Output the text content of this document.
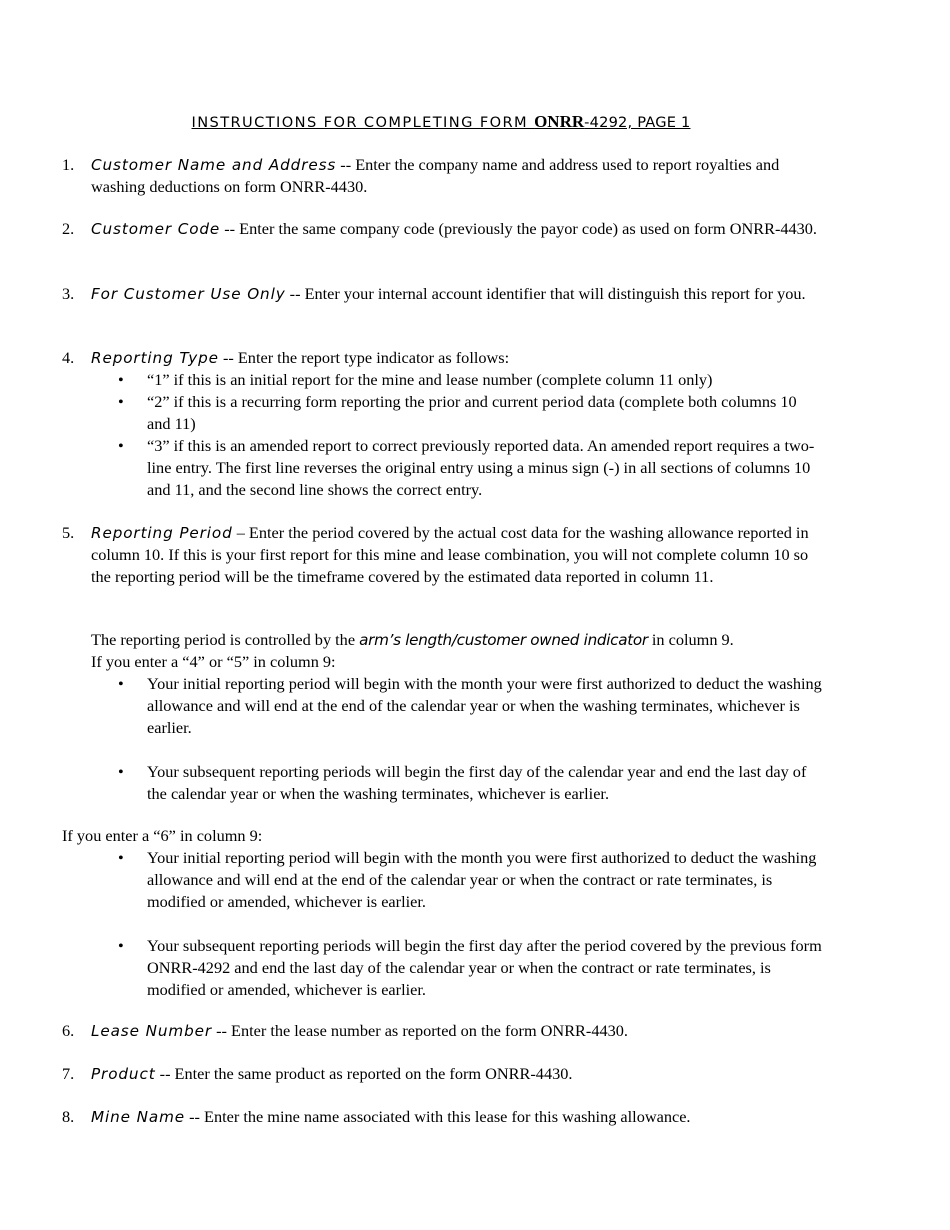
INSTRUCTIONS FOR COMPLETING FORM ONRR-4292, PAGE 1
1. Customer Name and Address -- Enter the company name and address used to report royalties and washing deductions on form ONRR-4430.
2. Customer Code -- Enter the same company code (previously the payor code) as used on form ONRR-4430.
3. For Customer Use Only -- Enter your internal account identifier that will distinguish this report for you.
4. Reporting Type -- Enter the report type indicator as follows:
• “1” if this is an initial report for the mine and lease number (complete column 11 only)
• “2” if this is a recurring form reporting the prior and current period data (complete both columns 10 and 11)
• “3” if this is an amended report to correct previously reported data. An amended report requires a two-line entry. The first line reverses the original entry using a minus sign (-) in all sections of columns 10 and 11, and the second line shows the correct entry.
5. Reporting Period – Enter the period covered by the actual cost data for the washing allowance reported in column 10. If this is your first report for this mine and lease combination, you will not complete column 10 so the reporting period will be the timeframe covered by the estimated data reported in column 11.
The reporting period is controlled by the arm’s length/customer owned indicator in column 9.
If you enter a “4” or “5” in column 9:
• Your initial reporting period will begin with the month your were first authorized to deduct the washing allowance and will end at the end of the calendar year or when the washing terminates, whichever is earlier.
• Your subsequent reporting periods will begin the first day of the calendar year and end the last day of the calendar year or when the washing terminates, whichever is earlier.
If you enter a “6” in column 9:
• Your initial reporting period will begin with the month you were first authorized to deduct the washing allowance and will end at the end of the calendar year or when the contract or rate terminates, is modified or amended, whichever is earlier.
• Your subsequent reporting periods will begin the first day after the period covered by the previous form ONRR-4292 and end the last day of the calendar year or when the contract or rate terminates, is modified or amended, whichever is earlier.
6. Lease Number -- Enter the lease number as reported on the form ONRR-4430.
7. Product -- Enter the same product as reported on the form ONRR-4430.
8. Mine Name -- Enter the mine name associated with this lease for this washing allowance.
